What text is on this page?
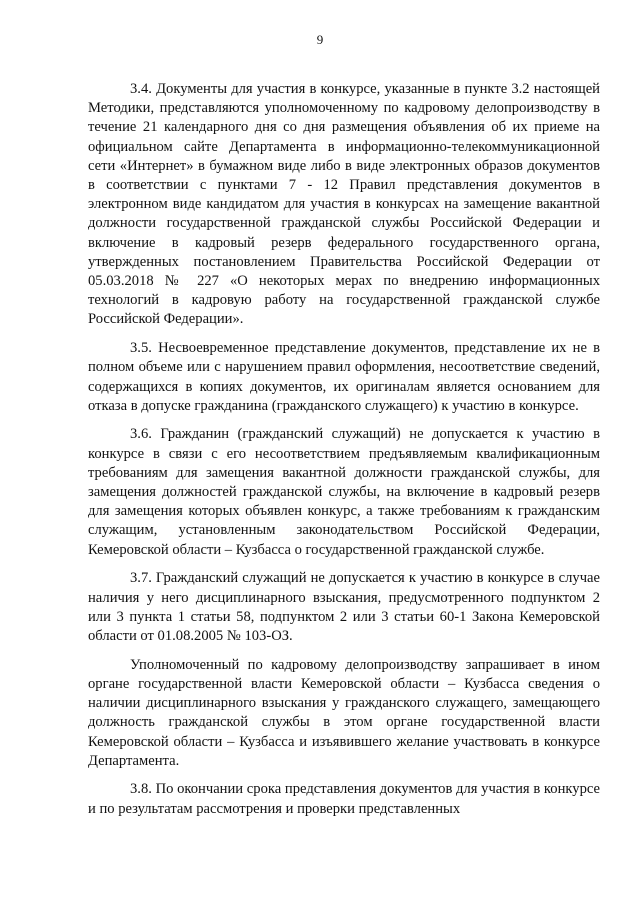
9

3.4. Документы для участия в конкурсе, указанные в пункте 3.2 настоящей Методики, представляются уполномоченному по кадровому делопроизводству в течение 21 календарного дня со дня размещения объявления об их приеме на официальном сайте Департамента в информационно-телекоммуникационной сети «Интернет» в бумажном виде либо в виде электронных образов документов в соответствии с пунктами 7 - 12 Правил представления документов в электронном виде кандидатом для участия в конкурсах на замещение вакантной должности государственной гражданской службы Российской Федерации и включение в кадровый резерв федерального государственного органа, утвержденных постановлением Правительства Российской Федерации от 05.03.2018 № 227 «О некоторых мерах по внедрению информационных технологий в кадровую работу на государственной гражданской службе Российской Федерации».

3.5. Несвоевременное представление документов, представление их не в полном объеме или с нарушением правил оформления, несоответствие сведений, содержащихся в копиях документов, их оригиналам является основанием для отказа в допуске гражданина (гражданского служащего) к участию в конкурсе.

3.6. Гражданин (гражданский служащий) не допускается к участию в конкурсе в связи с его несоответствием предъявляемым квалификационным требованиям для замещения вакантной должности гражданской службы, для замещения должностей гражданской службы, на включение в кадровый резерв для замещения которых объявлен конкурс, а также требованиям к гражданским служащим, установленным законодательством Российской Федерации, Кемеровской области – Кузбасса о государственной гражданской службе.

3.7. Гражданский служащий не допускается к участию в конкурсе в случае наличия у него дисциплинарного взыскания, предусмотренного подпунктом 2 или 3 пункта 1 статьи 58, подпунктом 2 или 3 статьи 60-1 Закона Кемеровской области от 01.08.2005 № 103-ОЗ.

Уполномоченный по кадровому делопроизводству запрашивает в ином органе государственной власти Кемеровской области – Кузбасса сведения о наличии дисциплинарного взыскания у гражданского служащего, замещающего должность гражданской службы в этом органе государственной власти Кемеровской области – Кузбасса и изъявившего желание участвовать в конкурсе Департамента.

3.8. По окончании срока представления документов для участия в конкурсе и по результатам рассмотрения и проверки представленных
